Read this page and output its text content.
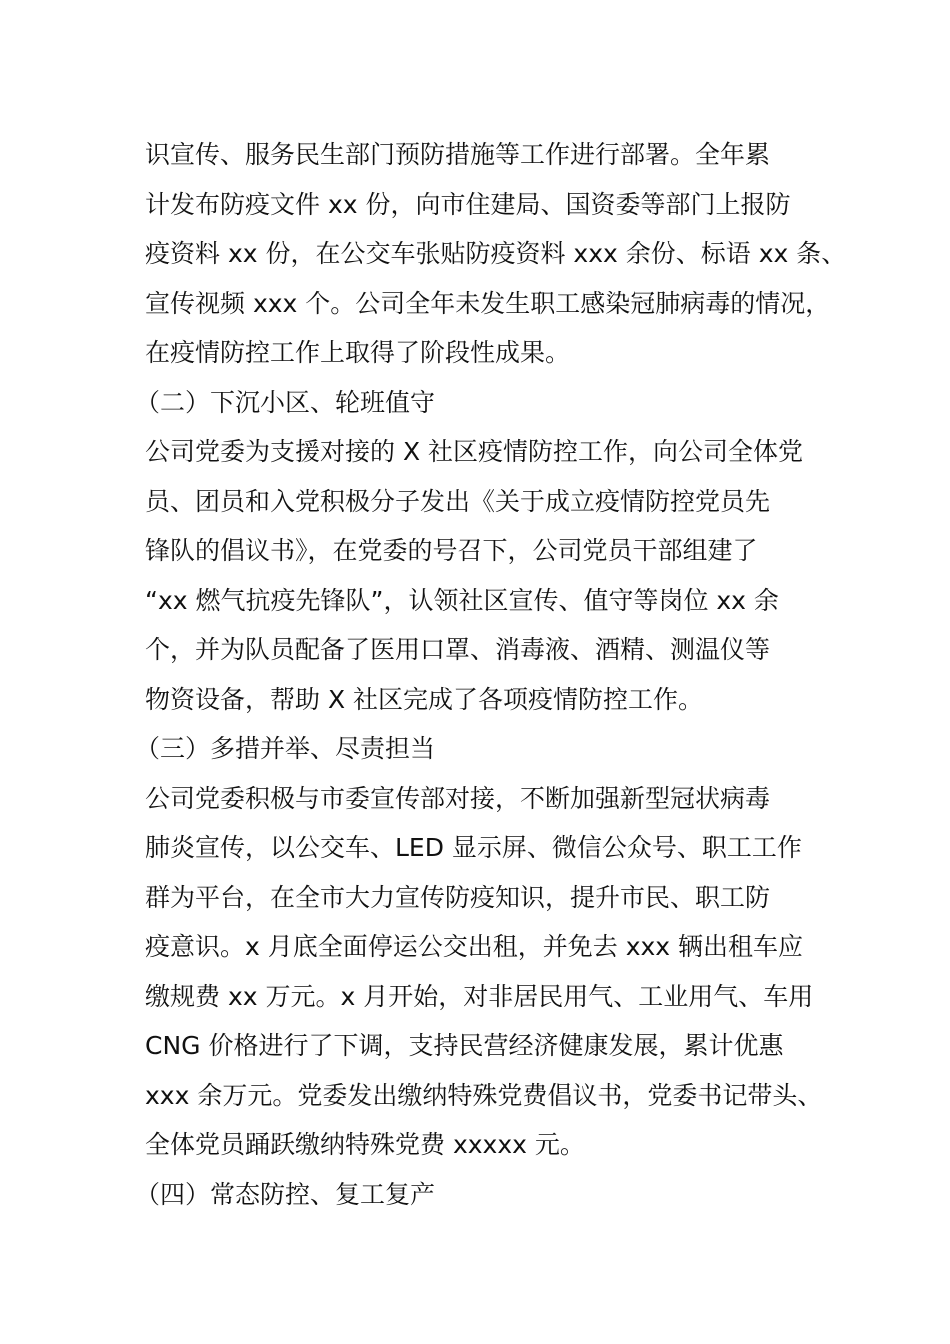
识宣传、服务民生部门预防措施等工作进行部署。全年累
计发布防疫文件 xx 份，向市住建局、国资委等部门上报防
疫资料 xx 份，在公交车张贴防疫资料 xxx 余份、标语 xx 条、
宣传视频 xxx 个。公司全年未发生职工感染冠肺病毒的情况，
在疫情防控工作上取得了阶段性成果。
（二）下沉小区、轮班值守
公司党委为支援对接的 X 社区疫情防控工作，向公司全体党
员、团员和入党积极分子发出《关于成立疫情防控党员先
锋队的倡议书》，在党委的号召下，公司党员干部组建了
“xx 燃气抗疫先锋队”，认领社区宣传、值守等岗位 xx 余
个，并为队员配备了医用口罩、消毒液、酒精、测温仪等
物资设备，帮助 X 社区完成了各项疫情防控工作。
（三）多措并举、尽责担当
公司党委积极与市委宣传部对接，不断加强新型冠状病毒
肺炎宣传，以公交车、LED 显示屏、微信公众号、职工工作
群为平台，在全市大力宣传防疫知识，提升市民、职工防
疫意识。x 月底全面停运公交出租，并免去 xxx 辆出租车应
缴规费 xx 万元。x 月开始，对非居民用气、工业用气、车用
CNG 价格进行了下调，支持民营经济健康发展，累计优惠
xxx 余万元。党委发出缴纳特殊党费倡议书，党委书记带头、
全体党员踊跃缴纳特殊党费 xxxxx 元。
（四）常态防控、复工复产
